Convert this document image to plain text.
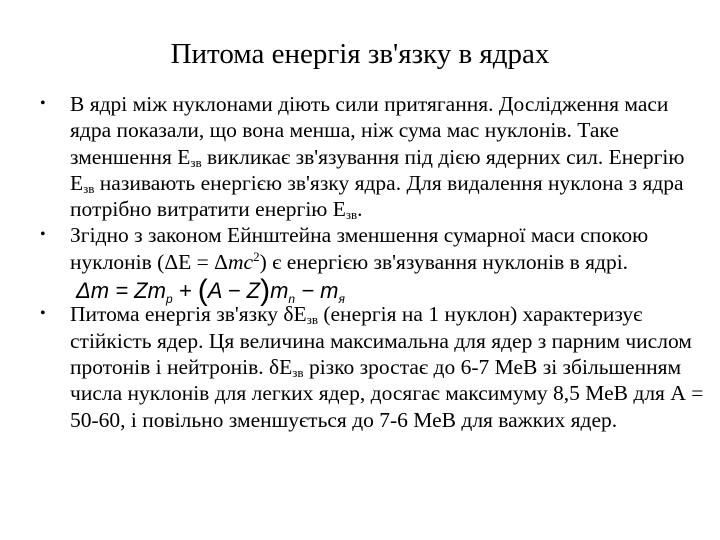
Питома енергія зв'язку в ядрах
• В ядрі між нуклонами діють сили притягання. Дослідження маси ядра показали, що вона менша, ніж сума мас нуклонів. Таке зменшення $Е_{зв}$ викликає зв'язування під дією ядерних сил. Енергію $Е_{зв}$ називають енергією зв'язку ядра. Для видалення нуклона з ядра потрібно витратити енергію $Е_{зв}$.
• Згідно з законом Ейнштейна зменшення сумарної маси спокою нуклонів (ΔE = Δmc$^2$) є енергією зв'язування нуклонів в ядрі. $\Delta m = Zm_p + (A - Z)m_n - m_я$
• Питома енергія зв'язку $\delta Е_{зв}$ (енергія на 1 нуклон) характеризує стійкість ядер. Ця величина максимальна для ядер з парним числом протонів і нейтронів. $\delta Е_{зв}$ різко зростає до 6-7 МеВ зі збільшенням числа нуклонів для легких ядер, досягає максимуму 8,5 МеВ для А = 50-60, і повільно зменшується до 7-6 МеВ для важких ядер.
